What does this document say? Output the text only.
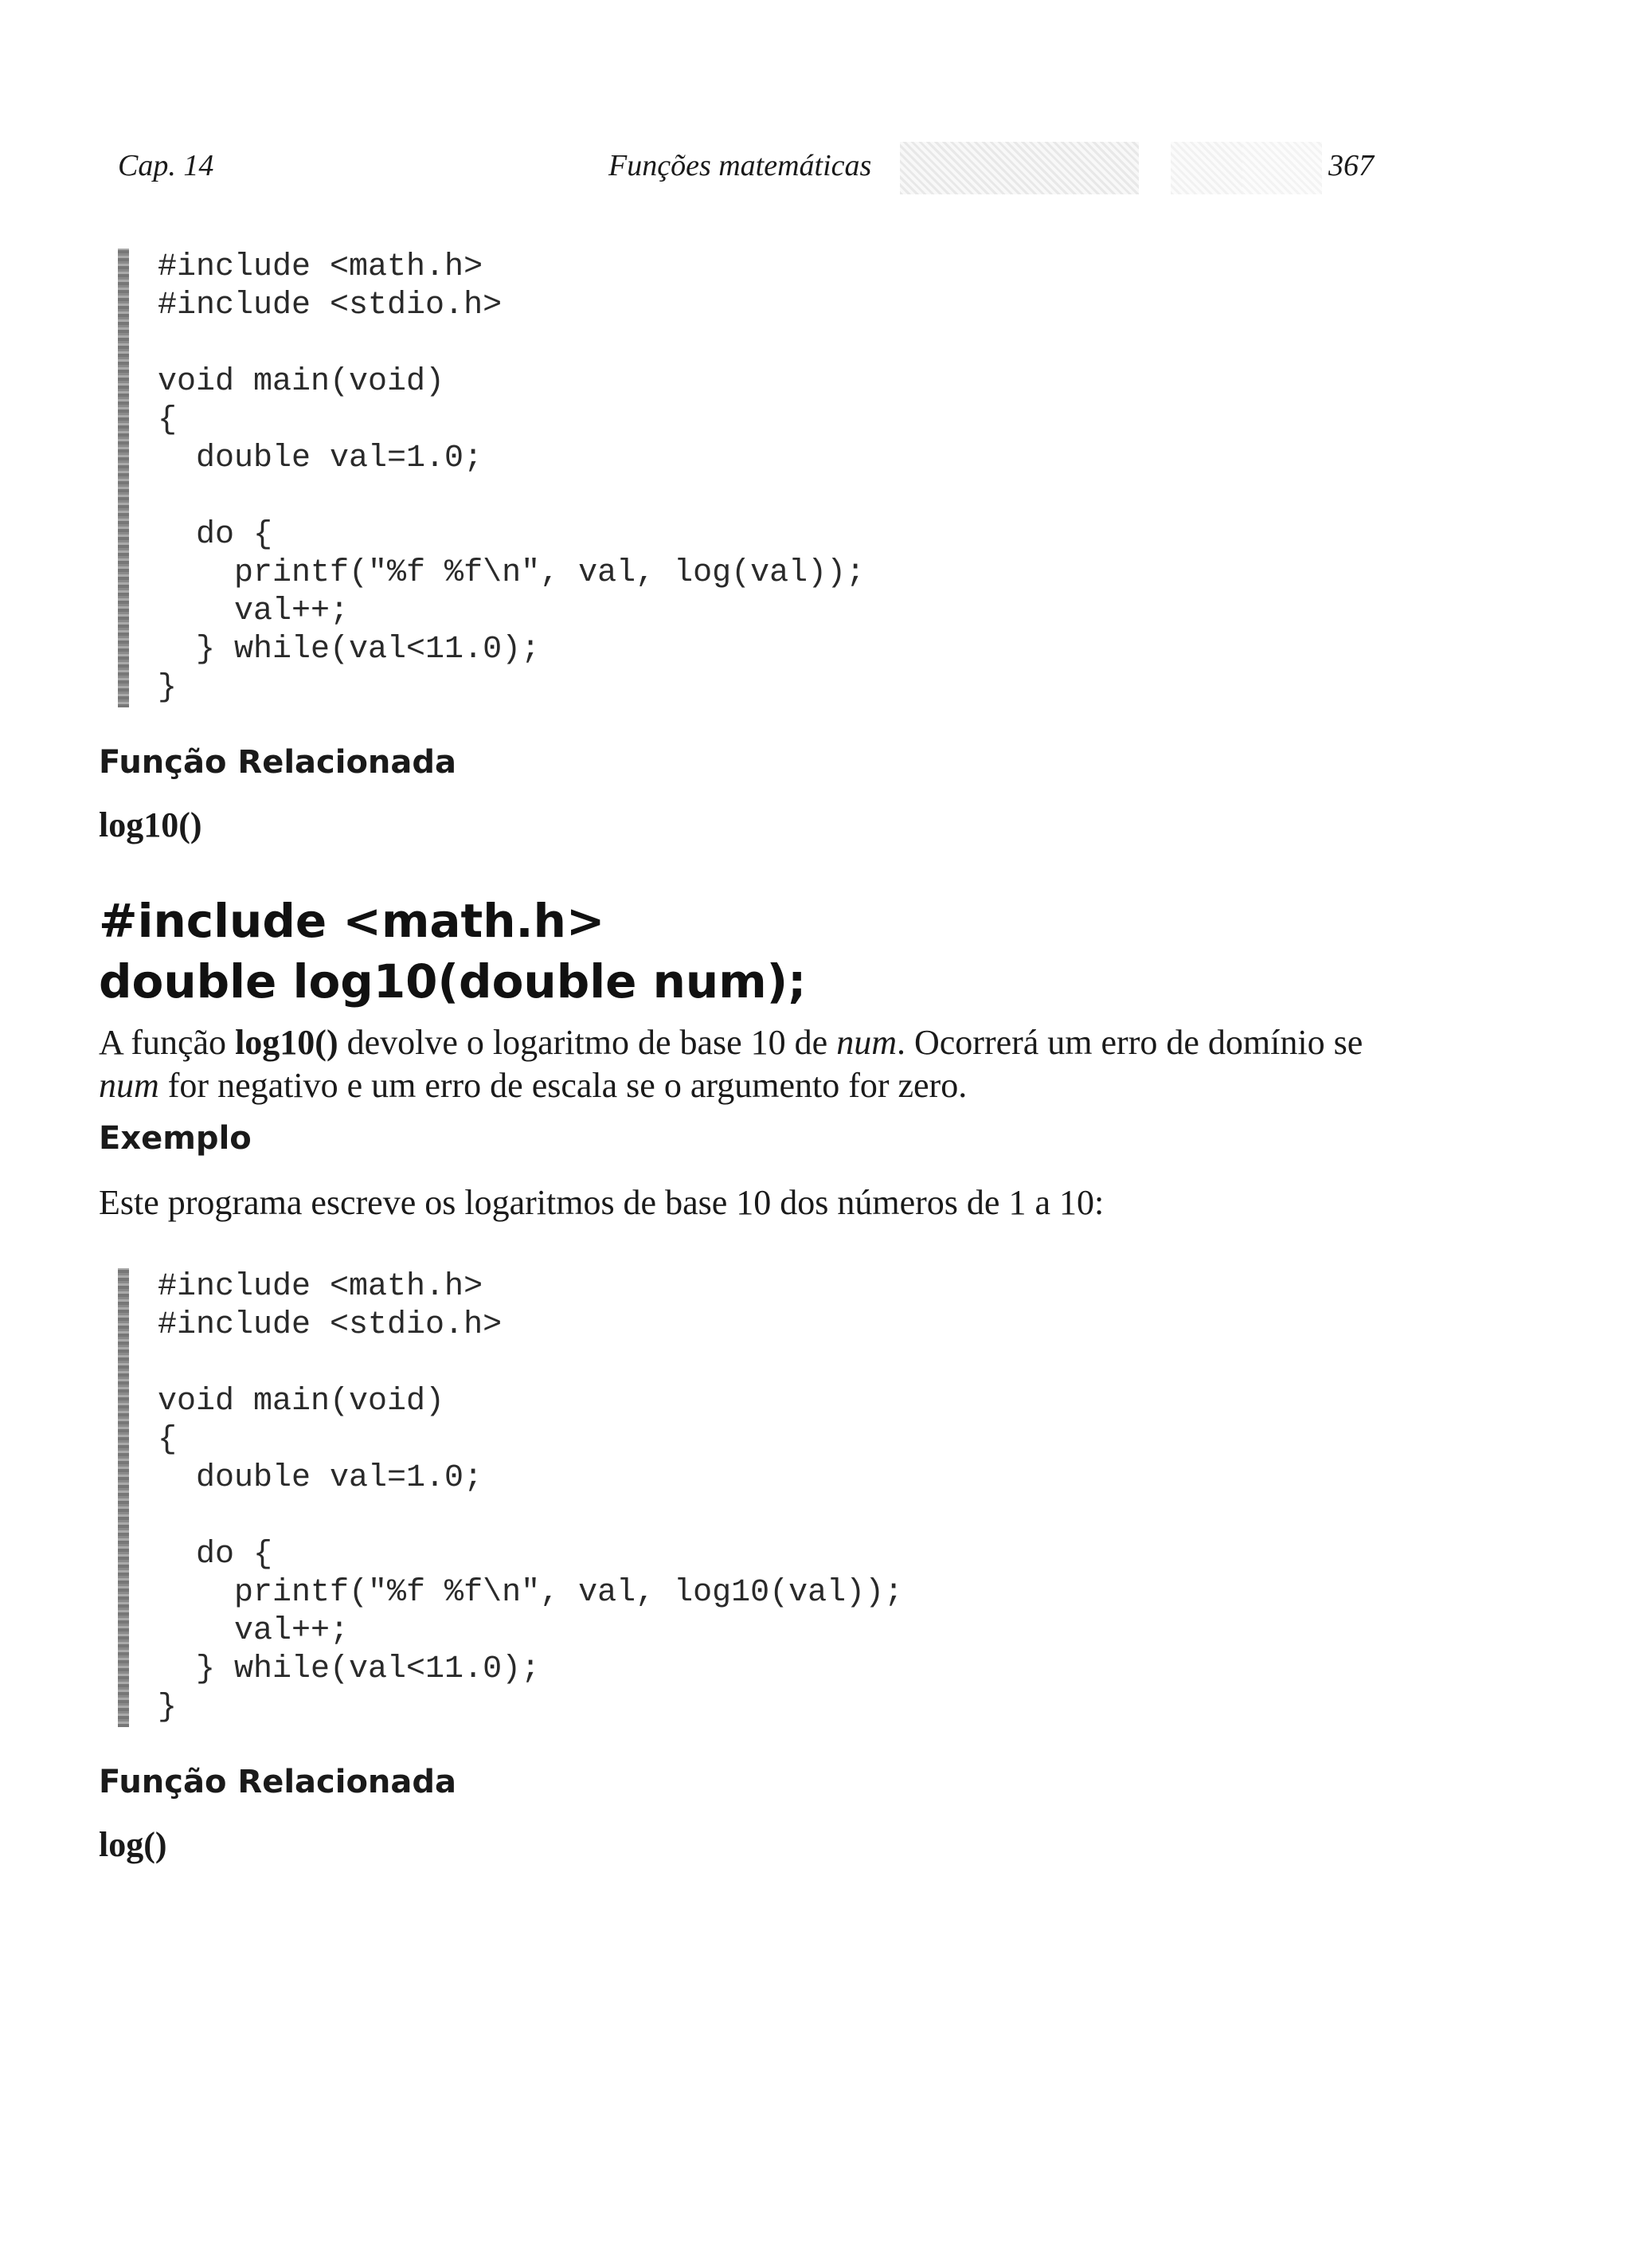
Cap. 14	Funções matemáticas	367
#include <math.h>
#include <stdio.h>

void main(void)
{
double val=1.0;

do {
printf("%f %f\n", val, log(val));
val++;
} while(val<11.0);
}
Função Relacionada
log10()
#include <math.h>
double log10(double num);
A função log10() devolve o logaritmo de base 10 de num. Ocorrerá um erro de domínio se num for negativo e um erro de escala se o argumento for zero.
Exemplo
Este programa escreve os logaritmos de base 10 dos números de 1 a 10:
#include <math.h>
#include <stdio.h>

void main(void)
{
double val=1.0;

do {
printf("%f %f\n", val, log10(val));
val++;
} while(val<11.0);
}
Função Relacionada
log()
